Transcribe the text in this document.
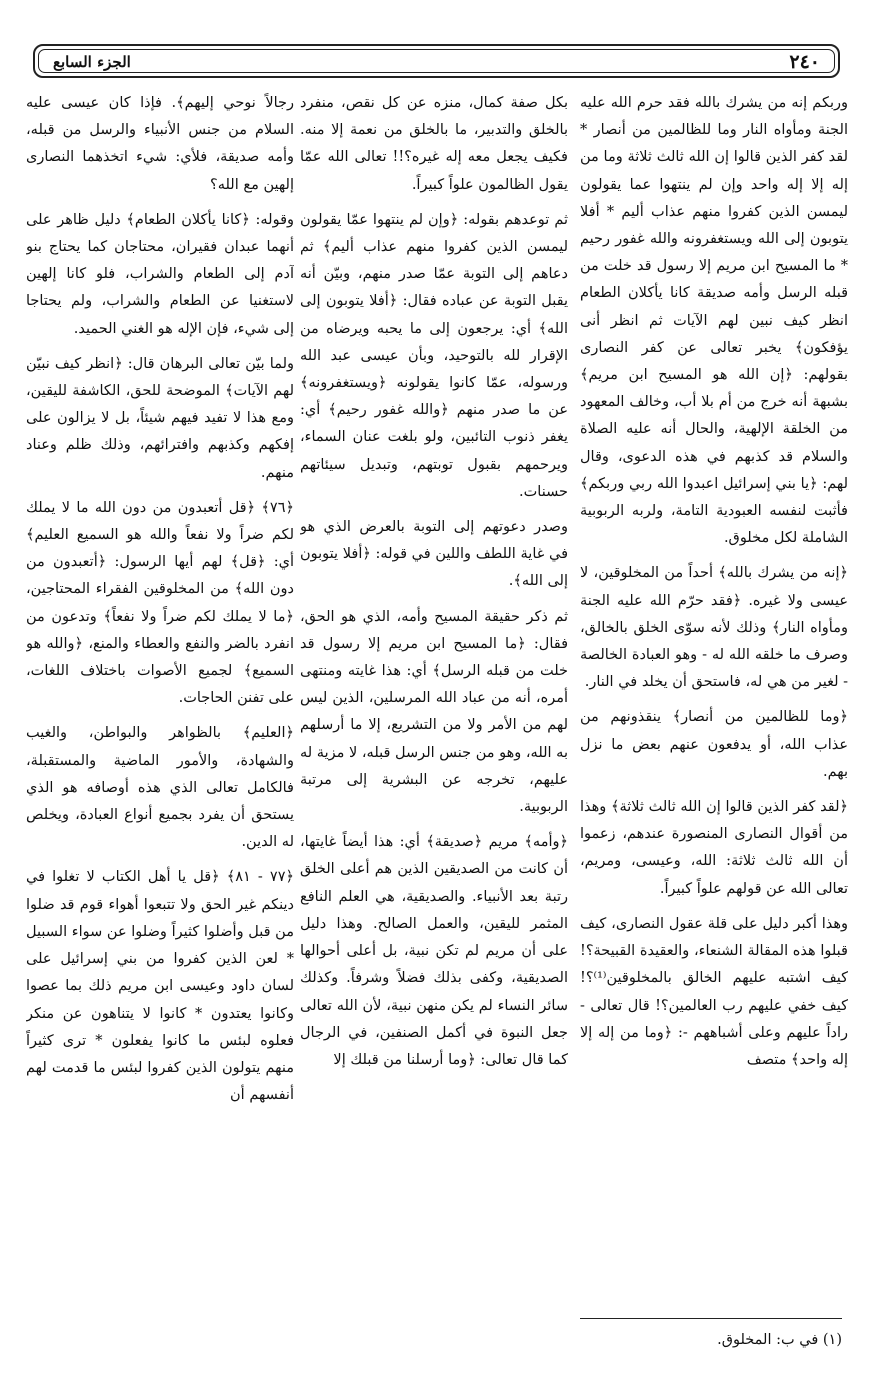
٢٤٠
الجزء السابع

وربكم إنه من يشرك بالله فقد حرم الله عليه الجنة ومأواه النار وما للظالمين من أنصار * لقد كفر الذين قالوا إن الله ثالث ثلاثة وما من إله إلا إله واحد وإن لم ينتهوا عما يقولون ليمسن الذين كفروا منهم عذاب أليم * أفلا يتوبون إلى الله ويستغفرونه والله غفور رحيم * ما المسيح ابن مريم إلا رسول قد خلت من قبله الرسل وأمه صديقة كانا يأكلان الطعام انظر كيف نبين لهم الآيات ثم انظر أنى يؤفكون﴾ يخبر تعالى عن كفر النصارى بقولهم: ﴿إن الله هو المسيح ابن مريم﴾ بشبهة أنه خرج من أم بلا أب، وخالف المعهود من الخلقة الإلهية، والحال أنه عليه الصلاة والسلام قد كذبهم في هذه الدعوى، وقال لهم: ﴿يا بني إسرائيل اعبدوا الله ربي وربكم﴾ فأثبت لنفسه العبودية التامة، ولربه الربوبية الشاملة لكل مخلوق.

﴿إنه من يشرك بالله﴾ أحداً من المخلوقين، لا عيسى ولا غيره. ﴿فقد حرّم الله عليه الجنة ومأواه النار﴾ وذلك لأنه سوّى الخلق بالخالق، وصرف ما خلقه الله له - وهو العبادة الخالصة - لغير من هي له، فاستحق أن يخلد في النار.

﴿وما للظالمين من أنصار﴾ ينقذونهم من عذاب الله، أو يدفعون عنهم بعض ما نزل بهم.

﴿لقد كفر الذين قالوا إن الله ثالث ثلاثة﴾ وهذا من أقوال النصارى المنصورة عندهم، زعموا أن الله ثالث ثلاثة: الله، وعيسى، ومريم، تعالى الله عن قولهم علواً كبيراً.

وهذا أكبر دليل على قلة عقول النصارى، كيف قبلوا هذه المقالة الشنعاء، والعقيدة القبيحة؟! كيف اشتبه عليهم الخالق بالمخلوقين⁽¹⁾؟! كيف خفي عليهم رب العالمين؟! قال تعالى - راداً عليهم وعلى أشباههم -: ﴿وما من إله إلا إله واحد﴾ متصف

بكل صفة كمال، منزه عن كل نقص، منفرد بالخلق والتدبير، ما بالخلق من نعمة إلا منه. فكيف يجعل معه إله غيره؟!! تعالى الله عمّا يقول الظالمون علواً كبيراً.

ثم توعدهم بقوله: ﴿وإن لم ينتهوا عمّا يقولون ليمسن الذين كفروا منهم عذاب أليم﴾ ثم دعاهم إلى التوبة عمّا صدر منهم، وبيّن أنه يقبل التوبة عن عباده فقال: ﴿أفلا يتوبون إلى الله﴾ أي: يرجعون إلى ما يحبه ويرضاه من الإقرار لله بالتوحيد، وبأن عيسى عبد الله ورسوله، عمّا كانوا يقولونه ﴿ويستغفرونه﴾ عن ما صدر منهم ﴿والله غفور رحيم﴾ أي: يغفر ذنوب التائبين، ولو بلغت عنان السماء، ويرحمهم بقبول توبتهم، وتبديل سيئاتهم حسنات.

وصدر دعوتهم إلى التوبة بالعرض الذي هو في غاية اللطف واللين في قوله: ﴿أفلا يتوبون إلى الله﴾.

ثم ذكر حقيقة المسيح وأمه، الذي هو الحق، فقال: ﴿ما المسيح ابن مريم إلا رسول قد خلت من قبله الرسل﴾ أي: هذا غايته ومنتهى أمره، أنه من عباد الله المرسلين، الذين ليس لهم من الأمر ولا من التشريع، إلا ما أرسلهم به الله، وهو من جنس الرسل قبله، لا مزية له عليهم، تخرجه عن البشرية إلى مرتبة الربوبية.

﴿وأمه﴾ مريم ﴿صديقة﴾ أي: هذا أيضاً غايتها، أن كانت من الصديقين الذين هم أعلى الخلق رتبة بعد الأنبياء. والصديقية، هي العلم النافع المثمر لليقين، والعمل الصالح. وهذا دليل على أن مريم لم تكن نبية، بل أعلى أحوالها الصديقية، وكفى بذلك فضلاً وشرفاً. وكذلك سائر النساء لم يكن منهن نبية، لأن الله تعالى جعل النبوة في أكمل الصنفين، في الرجال كما قال تعالى: ﴿وما أرسلنا من قبلك إلا

رجالاً نوحي إليهم﴾. فإذا كان عيسى عليه السلام من جنس الأنبياء والرسل من قبله، وأمه صديقة، فلأي: شيء اتخذهما النصارى إلهين مع الله؟

وقوله: ﴿كانا يأكلان الطعام﴾ دليل ظاهر على أنهما عبدان فقيران، محتاجان كما يحتاج بنو آدم إلى الطعام والشراب، فلو كانا إلهين لاستغنيا عن الطعام والشراب، ولم يحتاجا إلى شيء، فإن الإله هو الغني الحميد.

ولما بيّن تعالى البرهان قال: ﴿انظر كيف نبيّن لهم الآيات﴾ الموضحة للحق، الكاشفة لليقين، ومع هذا لا تفيد فيهم شيئاً، بل لا يزالون على إفكهم وكذبهم وافترائهم، وذلك ظلم وعناد منهم.

﴿٧٦﴾ ﴿قل أتعبدون من دون الله ما لا يملك لكم ضراً ولا نفعاً والله هو السميع العليم﴾ أي: ﴿قل﴾ لهم أيها الرسول: ﴿أتعبدون من دون الله﴾ من المخلوقين الفقراء المحتاجين، ﴿ما لا يملك لكم ضراً ولا نفعاً﴾ وتدعون من انفرد بالضر والنفع والعطاء والمنع، ﴿والله هو السميع﴾ لجميع الأصوات باختلاف اللغات، على تفنن الحاجات.

﴿العليم﴾ بالظواهر والبواطن، والغيب والشهادة، والأمور الماضية والمستقبلة، فالكامل تعالى الذي هذه أوصافه هو الذي يستحق أن يفرد بجميع أنواع العبادة، ويخلص له الدين.

﴿٧٧ - ٨١﴾ ﴿قل يا أهل الكتاب لا تغلوا في دينكم غير الحق ولا تتبعوا أهواء قوم قد ضلوا من قبل وأضلوا كثيراً وضلوا عن سواء السبيل * لعن الذين كفروا من بني إسرائيل على لسان داود وعيسى ابن مريم ذلك بما عصوا وكانوا يعتدون * كانوا لا يتناهون عن منكر فعلوه لبئس ما كانوا يفعلون * ترى كثيراً منهم يتولون الذين كفروا لبئس ما قدمت لهم أنفسهم أن

(١) في ب: المخلوق.
